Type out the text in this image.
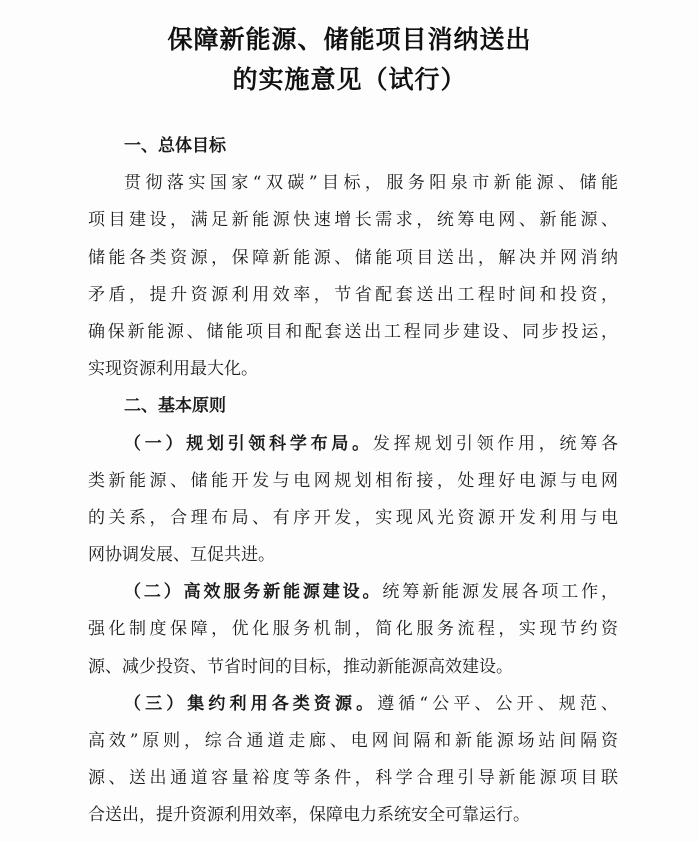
保障新能源、储能项目消纳送出
的实施意见（试行）
一、总体目标
贯彻落实国家“双碳”目标，服务阳泉市新能源、储能
项目建设，满足新能源快速增长需求，统筹电网、新能源、
储能各类资源，保障新能源、储能项目送出，解决并网消纳
矛盾，提升资源利用效率，节省配套送出工程时间和投资，
确保新能源、储能项目和配套送出工程同步建设、同步投运，
实现资源利用最大化。
二、基本原则
（一）规划引领科学布局。发挥规划引领作用，统筹各
类新能源、储能开发与电网规划相衔接，处理好电源与电网
的关系，合理布局、有序开发，实现风光资源开发利用与电
网协调发展、互促共进。
（二）高效服务新能源建设。统筹新能源发展各项工作，
强化制度保障，优化服务机制，简化服务流程，实现节约资
源、减少投资、节省时间的目标，推动新能源高效建设。
（三）集约利用各类资源。遵循“公平、公开、规范、
高效”原则，综合通道走廊、电网间隔和新能源场站间隔资
源、送出通道容量裕度等条件，科学合理引导新能源项目联
合送出，提升资源利用效率，保障电力系统安全可靠运行。
